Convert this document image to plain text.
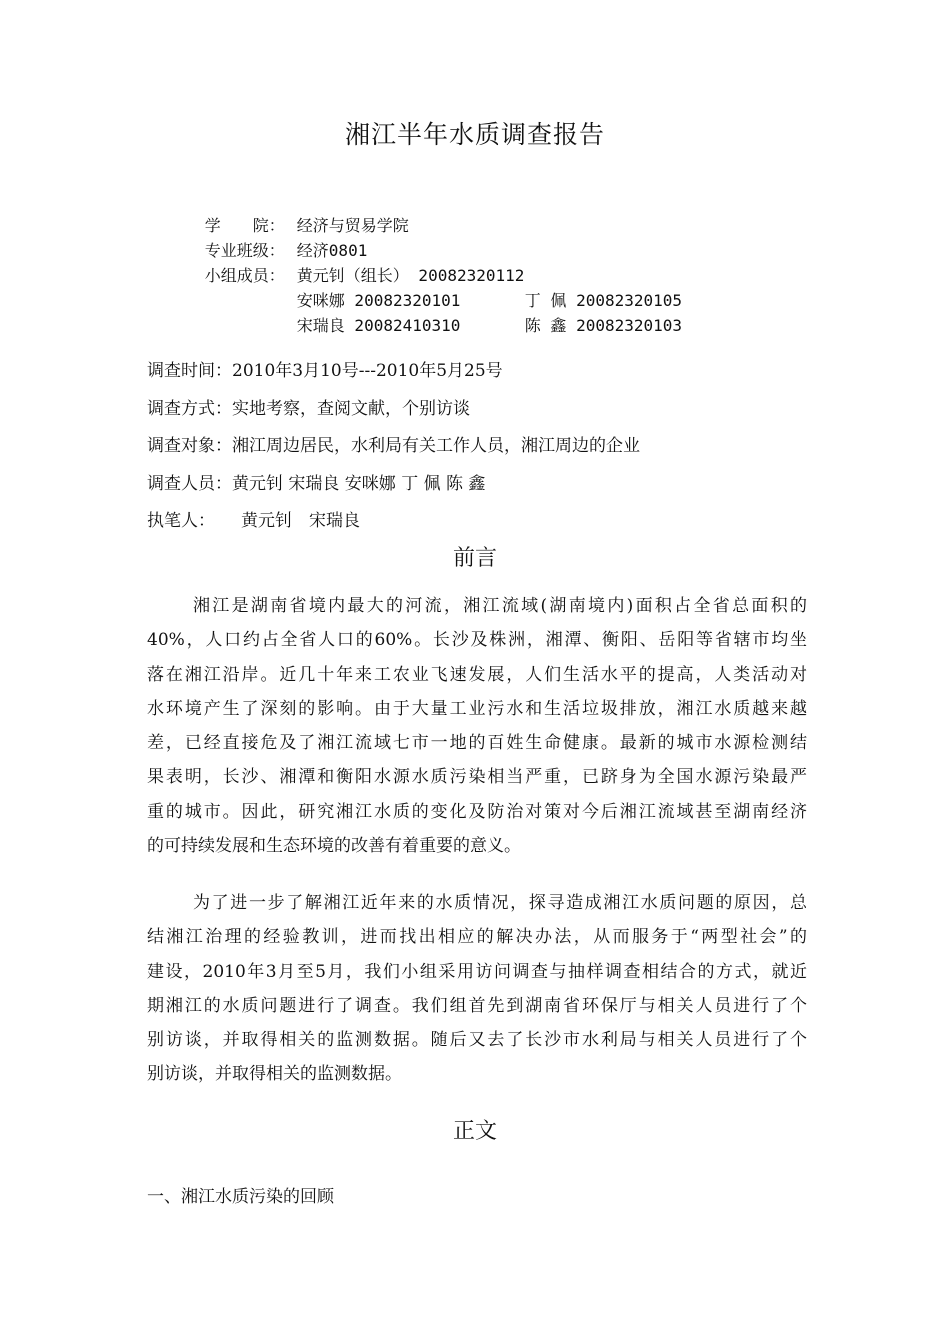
湘江半年水质调查报告

学　　院： 经济与贸易学院

专业班级： 经济0801

小组成员： 黄元钊（组长） 20082320112

安咪娜 20082320101	丁 佩 20082320105

宋瑞良 20082410310	陈 鑫 20082320103

调查时间：2010年3月10号---2010年5月25号
调查方式：实地考察，查阅文献，个别访谈
调查对象：湘江周边居民，水利局有关工作人员，湘江周边的企业
调查人员：黄元钊 宋瑞良 安咪娜 丁 佩 陈 鑫
执笔人： 黄元钊　宋瑞良
前言
湘江是湖南省境内最大的河流，湘江流域(湖南境内)面积占全省总面积的
40%，人口约占全省人口的60%。长沙及株洲，湘潭、衡阳、岳阳等省辖市均坐
落在湘江沿岸。近几十年来工农业飞速发展，人们生活水平的提高，人类活动对
水环境产生了深刻的影响。由于大量工业污水和生活垃圾排放，湘江水质越来越
差，已经直接危及了湘江流域七市一地的百姓生命健康。最新的城市水源检测结
果表明，长沙、湘潭和衡阳水源水质污染相当严重，已跻身为全国水源污染最严
重的城市。因此，研究湘江水质的变化及防治对策对今后湘江流域甚至湖南经济
的可持续发展和生态环境的改善有着重要的意义。
为了进一步了解湘江近年来的水质情况，探寻造成湘江水质问题的原因，总
结湘江治理的经验教训，进而找出相应的解决办法，从而服务于“两型社会”的
建设，2010年3月至5月，我们小组采用访问调查与抽样调查相结合的方式，就近
期湘江的水质问题进行了调查。我们组首先到湖南省环保厅与相关人员进行了个
别访谈，并取得相关的监测数据。随后又去了长沙市水利局与相关人员进行了个
别访谈，并取得相关的监测数据。
正文
一、湘江水质污染的回顾
